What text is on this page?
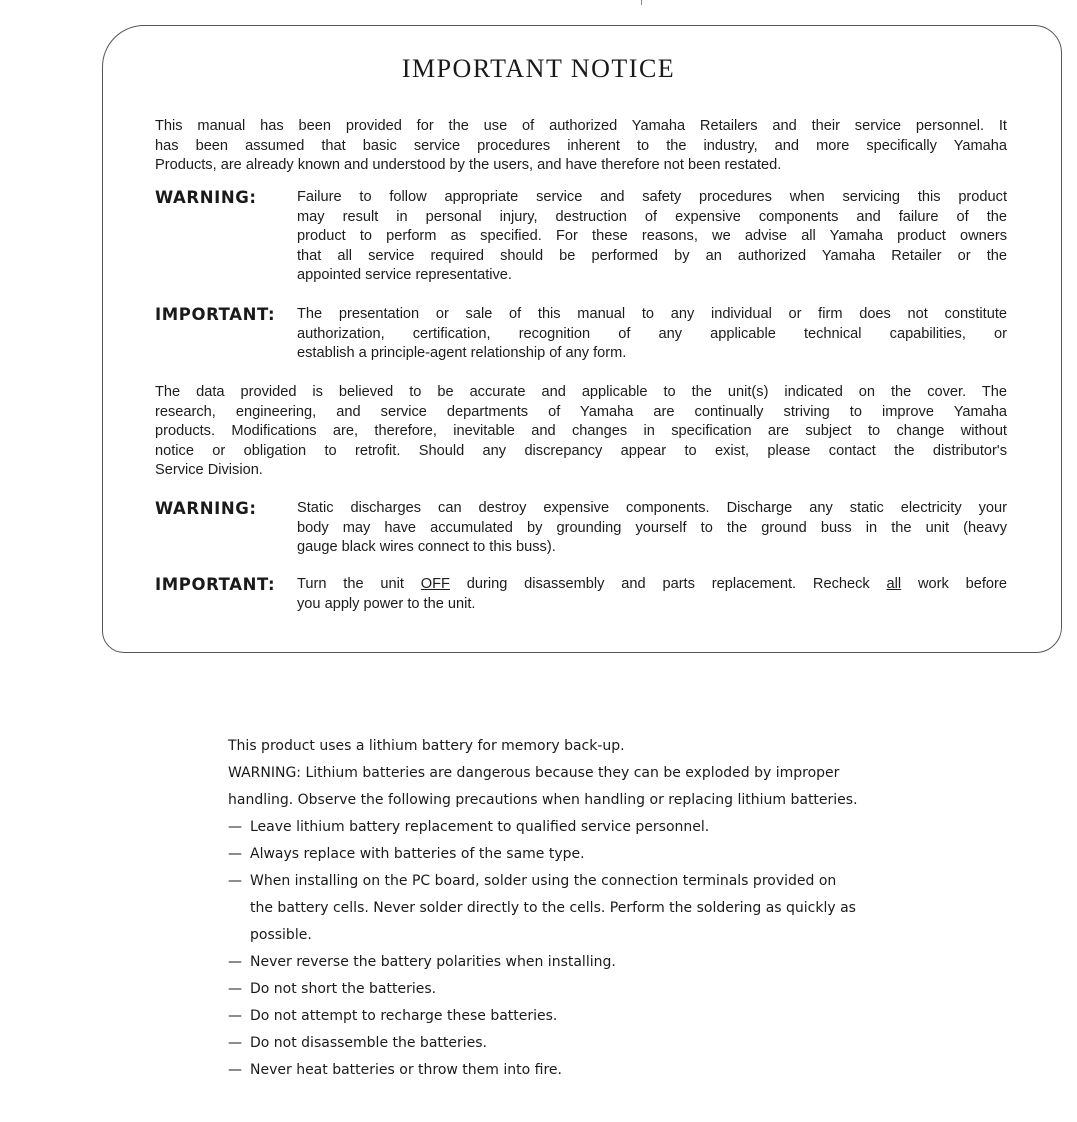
IMPORTANT NOTICE
This manual has been provided for the use of authorized Yamaha Retailers and their service personnel. It
has been assumed that basic service procedures inherent to the industry, and more specifically Yamaha
Products, are already known and understood by the users, and have therefore not been restated.
WARNING:	Failure to follow appropriate service and safety procedures when servicing this product
may result in personal injury, destruction of expensive components and failure of the
product to perform as specified. For these reasons, we advise all Yamaha product owners
that all service required should be performed by an authorized Yamaha Retailer or the
appointed service representative.
IMPORTANT: The presentation or sale of this manual to any individual or firm does not constitute
authorization, certification, recognition of any applicable technical capabilities, or
establish a principle-agent relationship of any form.
The data provided is believed to be accurate and applicable to the unit(s) indicated on the cover. The
research, engineering, and service departments of Yamaha are continually striving to improve Yamaha
products. Modifications are, therefore, inevitable and changes in specification are subject to change without
notice or obligation to retrofit. Should any discrepancy appear to exist, please contact the distributor's
Service Division.
WARNING:	Static discharges can destroy expensive components. Discharge any static electricity your
body may have accumulated by grounding yourself to the ground buss in the unit (heavy
gauge black wires connect to this buss).
IMPORTANT: Turn the unit OFF during disassembly and parts replacement. Recheck all work before
you apply power to the unit.
This product uses a lithium battery for memory back-up.
WARNING: Lithium batteries are dangerous because they can be exploded by improper
handling. Observe the following precautions when handling or replacing lithium batteries.
— Leave lithium battery replacement to qualified service personnel.
— Always replace with batteries of the same type.
— When installing on the PC board, solder using the connection terminals provided on
the battery cells. Never solder directly to the cells. Perform the soldering as quickly as
possible.
— Never reverse the battery polarities when installing.
— Do not short the batteries.
— Do not attempt to recharge these batteries.
— Do not disassemble the batteries.
— Never heat batteries or throw them into fire.
